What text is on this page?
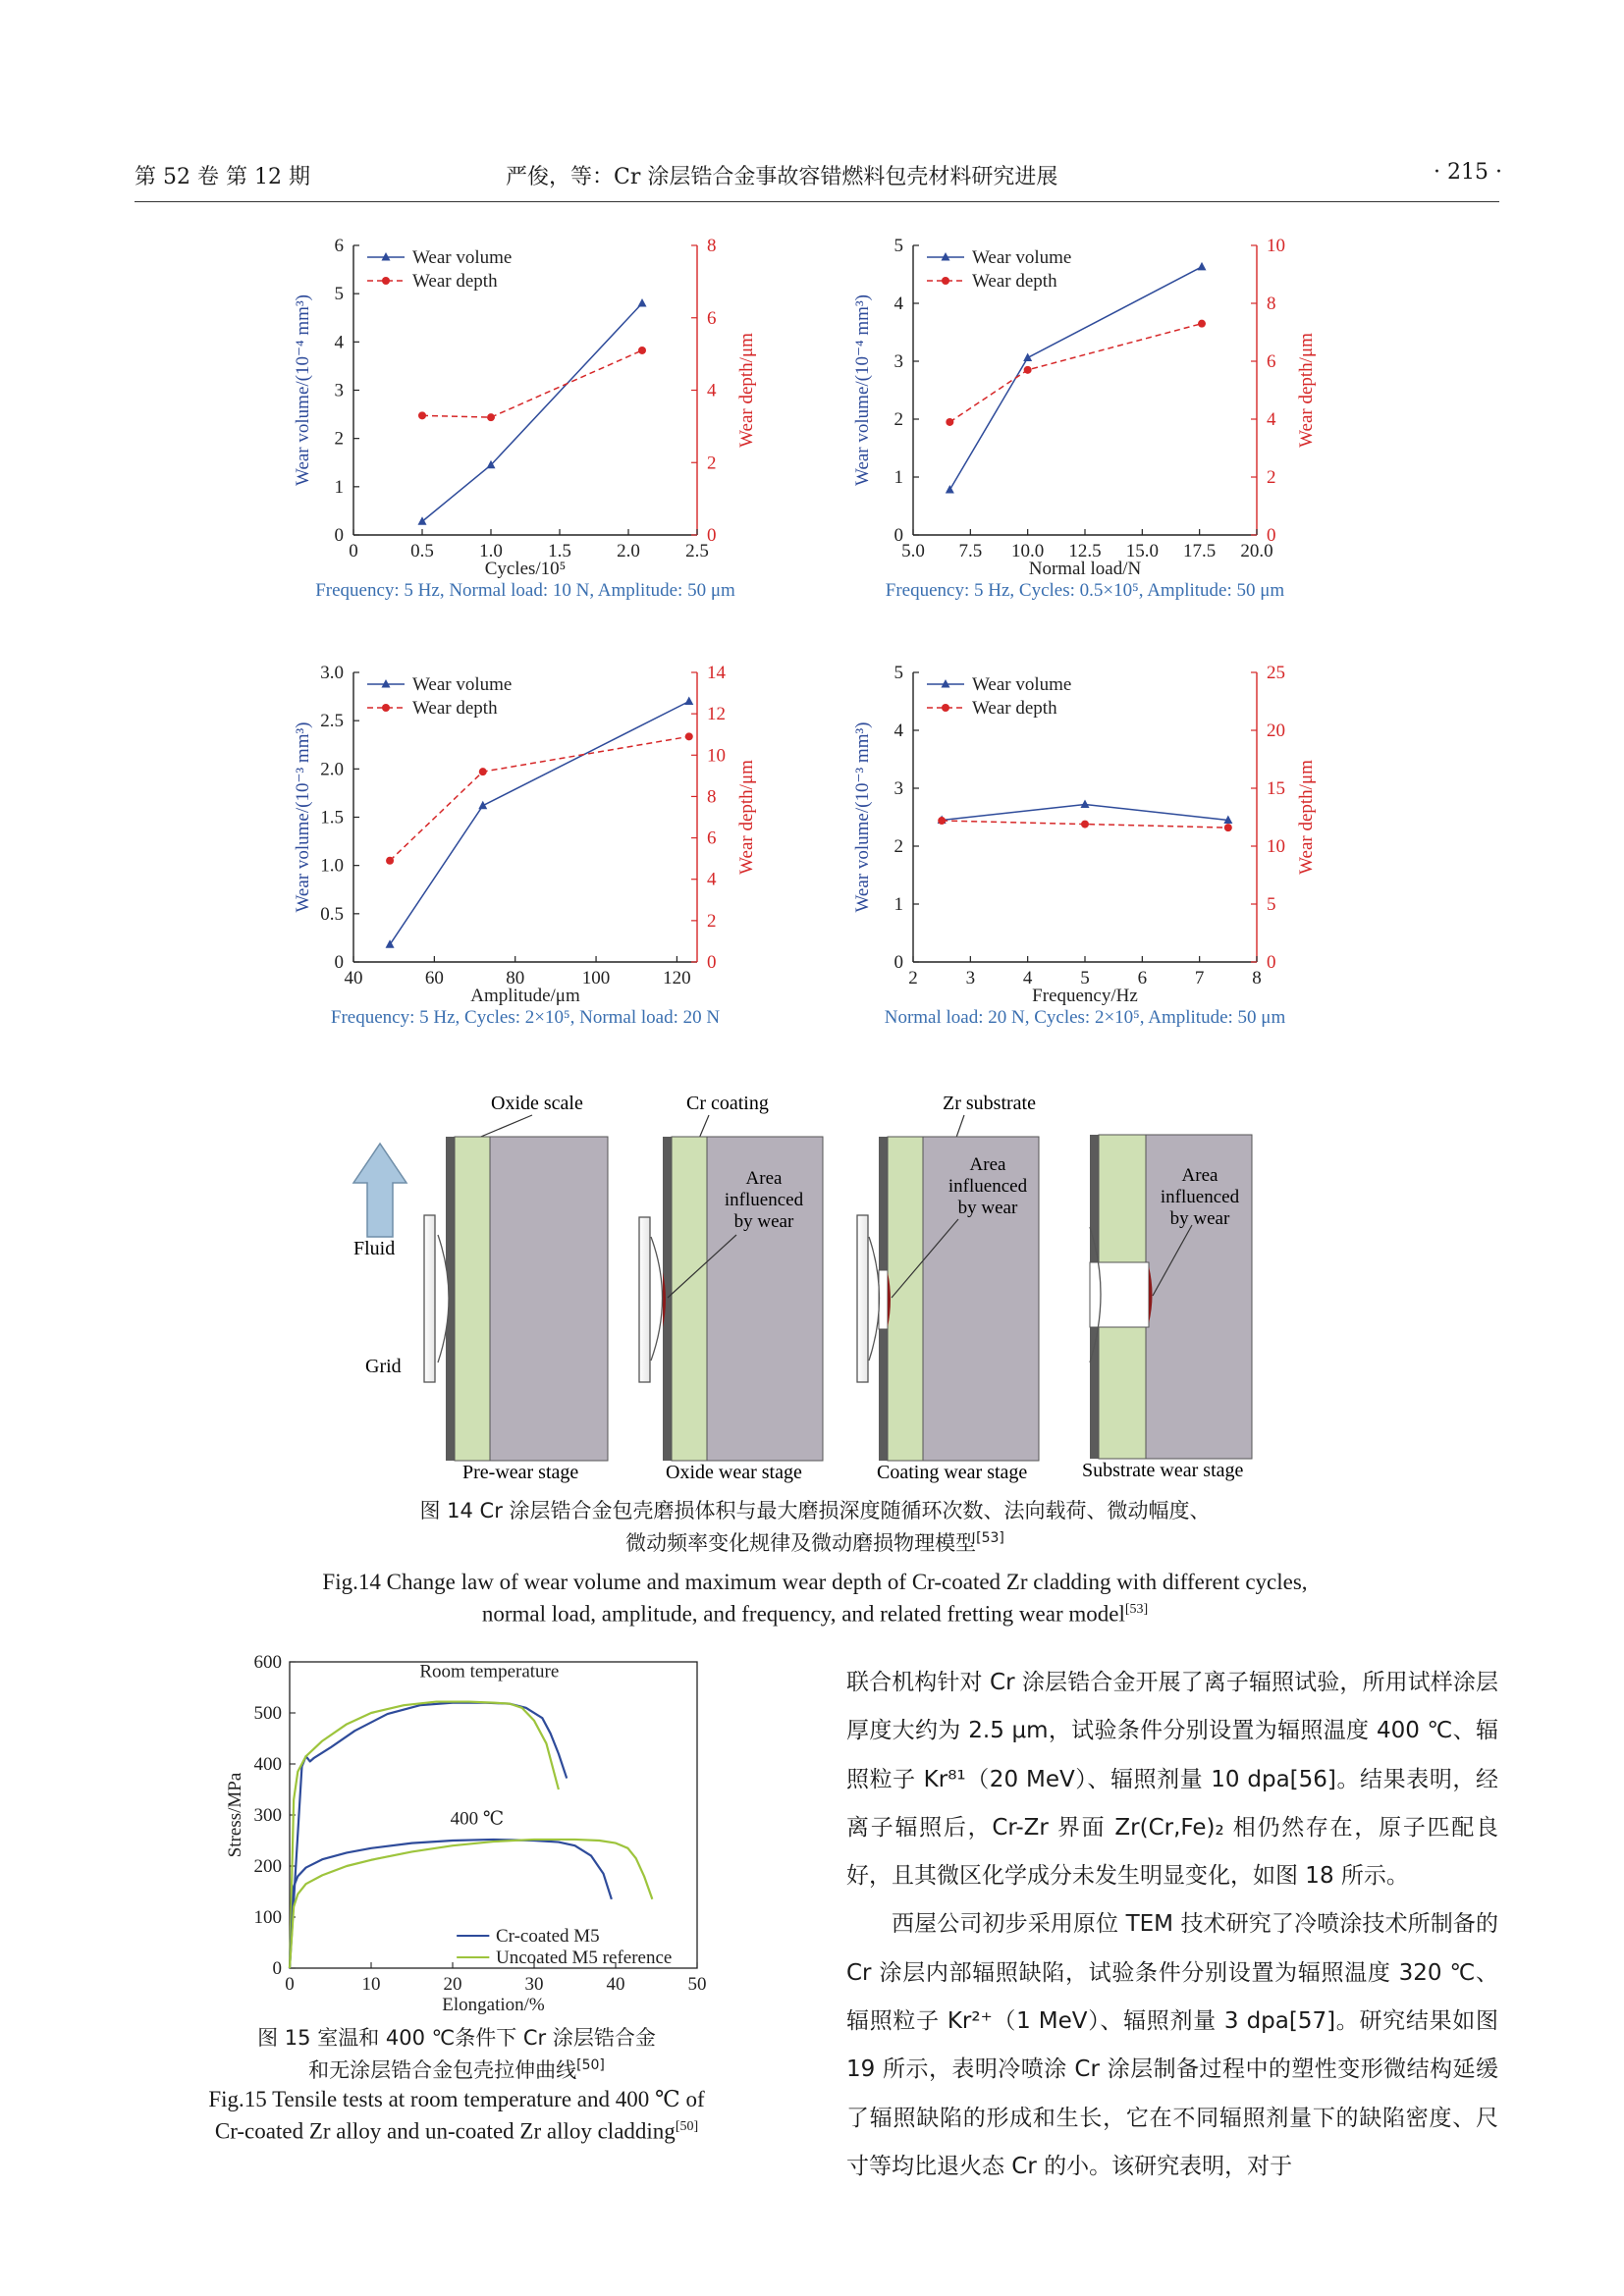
第 52 卷 第 12 期	严俊，等：Cr 涂层锆合金事故容错燃料包壳材料研究进展	· 215 ·
0	0.5 1.0 1.5 2.0 2.5
0
1
2
3
4
5
6
0
2
4
6
8
Cycles/10⁵
Wear volume/(10⁻⁴ mm³)	Wear depth/μm
Frequency: 5 Hz, Normal load: 10 N, Amplitude: 50 μm
Wear volume
Wear depth
5.0 7.5 10.0 12.5 15.0 17.5 20.0
0
1
2
3
4
5
0
2
4
6
8
10
Normal load/N
Wear volume/(10⁻⁴ mm³)	Wear depth/μm
Frequency: 5 Hz, Cycles: 0.5×10⁵, Amplitude: 50 μm
Wear volume
Wear depth
40	60	80	100	120
0
0.5
1.0
1.5
2.0
2.5
3.0
0
2
4
6
8
10
12
14
Amplitude/μm
Wear volume/(10⁻³ mm³)	Wear depth/μm
Frequency: 5 Hz, Cycles: 2×10⁵, Normal load: 20 N
Wear volume
Wear depth
2	3	4	5	6	7	8
0
1
2
3
4
5
0
5
10
15
20
25
Frequency/Hz
Wear volume/(10⁻³ mm³)	Wear depth/μm
Normal load: 20 N, Cycles: 2×10⁵, Amplitude: 50 μm
Wear volume
Wear depth
Oxide scale	Cr coating	Zr substrate
Fluid
Grid
Pre-wear stage
Area
influenced
by wear
Oxide wear stage
Area
influenced
by wear
Coating wear stage
Area
influenced
by wear
Substrate wear stage
图 14 Cr 涂层锆合金包壳磨损体积与最大磨损深度随循环次数、法向载荷、微动幅度、
微动频率变化规律及微动磨损物理模型[53]
Fig.14 Change law of wear volume and maximum wear depth of Cr-coated Zr cladding with different cycles,
normal load, amplitude, and frequency, and related fretting wear model[53]
0	10	20	30	40	50
0
100
200
300
400
500
600
Elongation/%
Stress/MPa
Room temperature
400 ℃
Cr-coated M5
Uncoated M5 reference
图 15 室温和 400 ℃条件下 Cr 涂层锆合金
和无涂层锆合金包壳拉伸曲线[50]
Fig.15 Tensile tests at room temperature and 400 ℃ of
Cr-coated Zr alloy and un-coated Zr alloy cladding[50]

联合机构针对 Cr 涂层锆合金开展了离子辐照试验，所用试样涂层厚度大约为 2.5 μm，试验条件分别设置为辐照温度 400 ℃、辐照粒子 Kr⁸¹（20 MeV）、辐照剂量 10 dpa[56]。结果表明，经离子辐照后，Cr-Zr 界面 Zr(Cr,Fe)₂ 相仍然存在，原子匹配良好，且其微区化学成分未发生明显变化，如图 18 所示。

西屋公司初步采用原位 TEM 技术研究了冷喷涂技术所制备的 Cr 涂层内部辐照缺陷，试验条件分别设置为辐照温度 320 ℃、辐照粒子 Kr²⁺（1 MeV）、辐照剂量 3 dpa[57]。研究结果如图 19 所示，表明冷喷涂 Cr 涂层制备过程中的塑性变形微结构延缓了辐照缺陷的形成和生长，它在不同辐照剂量下的缺陷密度、尺寸等均比退火态 Cr 的小。该研究表明，对于
